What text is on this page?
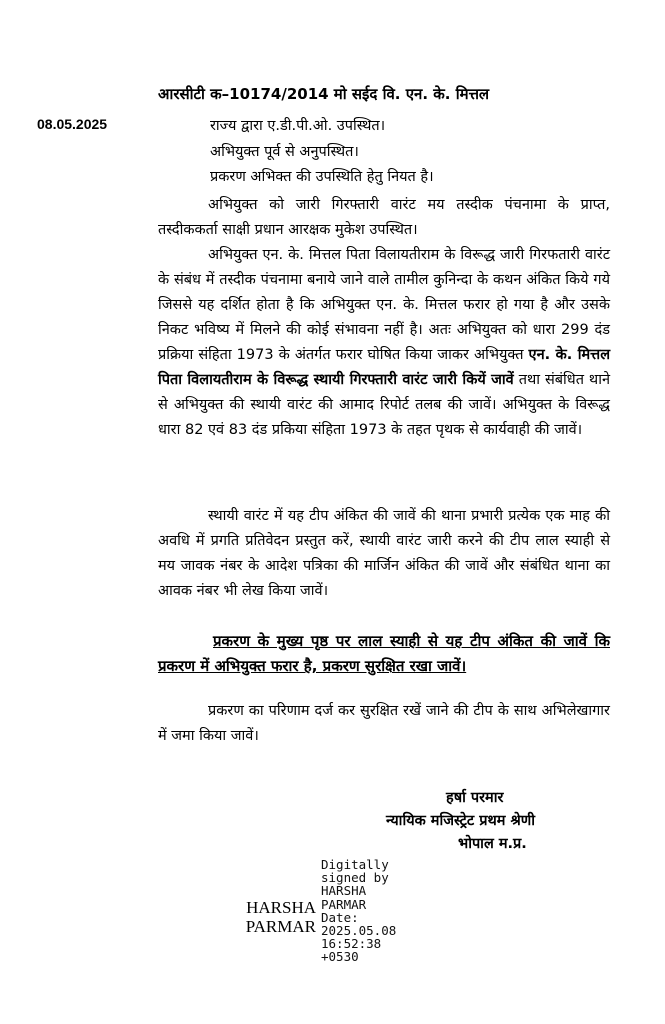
आरसीटी क–10174/2014 मो सईद वि. एन. के. मित्तल
08.05.2025	राज्य द्वारा ए.डी.पी.ओ. उपस्थित।
अभियुक्त पूर्व से अनुपस्थित।
प्रकरण अभिक्त की उपस्थिति हेतु नियत है।
अभियुक्त को जारी गिरफ्तारी वारंट मय तस्दीक पंचनामा के प्राप्त, तस्दीककर्ता साक्षी प्रधान आरक्षक मुकेश उपस्थित।
अभियुक्त एन. के. मित्तल पिता विलायतीराम के विरूद्ध जारी गिरफतारी वारंट के संबंध में तस्दीक पंचनामा बनाये जाने वाले तामील कुनिन्दा के कथन अंकित किये गये जिससे यह दर्शित होता है कि अभियुक्त एन. के. मित्तल फरार हो गया है और उसके निकट भविष्य में मिलने की कोई संभावना नहीं है। अतः अभियुक्त को धारा 299 दंड प्रक्रिया संहिता 1973 के अंतर्गत फरार घोषित किया जाकर अभियुक्त एन. के. मित्तल पिता विलायतीराम के विरूद्ध स्थायी गिरफ्तारी वारंट जारी कियें जावें तथा संबंधित थाने से अभियुक्त की स्थायी वारंट की आमाद रिपोर्ट तलब की जावें। अभियुक्त के विरूद्ध धारा 82 एवं 83 दंड प्रकिया संहिता 1973 के तहत पृथक से कार्यवाही की जावें।
स्थायी वारंट में यह टीप अंकित की जावें की थाना प्रभारी प्रत्येक एक माह की अवधि में प्रगति प्रतिवेदन प्रस्तुत करें, स्थायी वारंट जारी करने की टीप लाल स्याही से मय जावक नंबर के आदेश पत्रिका की मार्जिन अंकित की जावें और संबंधित थाना का आवक नंबर भी लेख किया जावें।
प्रकरण के मुख्य पृष्ठ पर लाल स्याही से यह टीप अंकित की जावें कि प्रकरण में अभियुक्त फरार है, प्रकरण सुरक्षित रखा जावें।
प्रकरण का परिणाम दर्ज कर सुरक्षित रखें जाने की टीप के साथ अभिलेखागार में जमा किया जावें।
हर्षा परमार
न्यायिक मजिस्ट्रेट प्रथम श्रेणी
भोपाल म.प्र.
HARSHA
PARMAR
Digitally
signed by
HARSHA
PARMAR
Date:
2025.05.08
16:52:38
+0530
